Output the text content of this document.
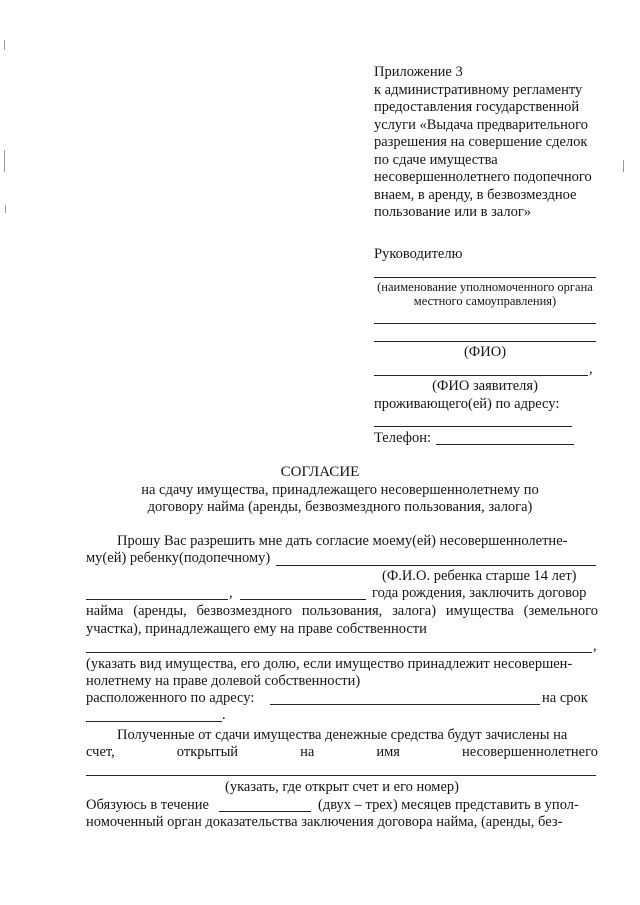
Приложение 3
к административному регламенту
предоставления государственной
услуги «Выдача предварительного
разрешения на совершение сделок
по сдаче имущества
несовершеннолетнего подопечного
внаем, в аренду, в безвозмездное
пользование или в залог»
Руководителю
(наименование уполномоченного органа
местного самоуправления)
(ФИО)
,
(ФИО заявителя)
проживающего(ей) по адресу:
Телефон:
СОГЛАСИЕ
на сдачу имущества, принадлежащего несовершеннолетнему по
договору найма (аренды, безвозмездного пользования, залога)
Прошу Вас разрешить мне дать согласие моему(ей) несовершеннолетне-
му(ей) ребенку(подопечному)
(Ф.И.О. ребенка старше 14 лет)
,	года рождения, заключить договор
найма (аренды, безвозмездного пользования, залога) имущества (земельного
участка), принадлежащего ему на праве собственности
,
(указать вид имущества, его долю, если имущество принадлежит несовершен-
нолетнему на праве долевой собственности)
расположенного по адресу:	на срок
.
Полученные от сдачи имущества денежные средства будут зачислены на
счет,	открытый	на	имя	несовершеннолетнего
(указать, где открыт счет и его номер)
Обязуюсь в течение	(двух – трех) месяцев представить в упол-
номоченный орган доказательства заключения договора найма, (аренды, без-
